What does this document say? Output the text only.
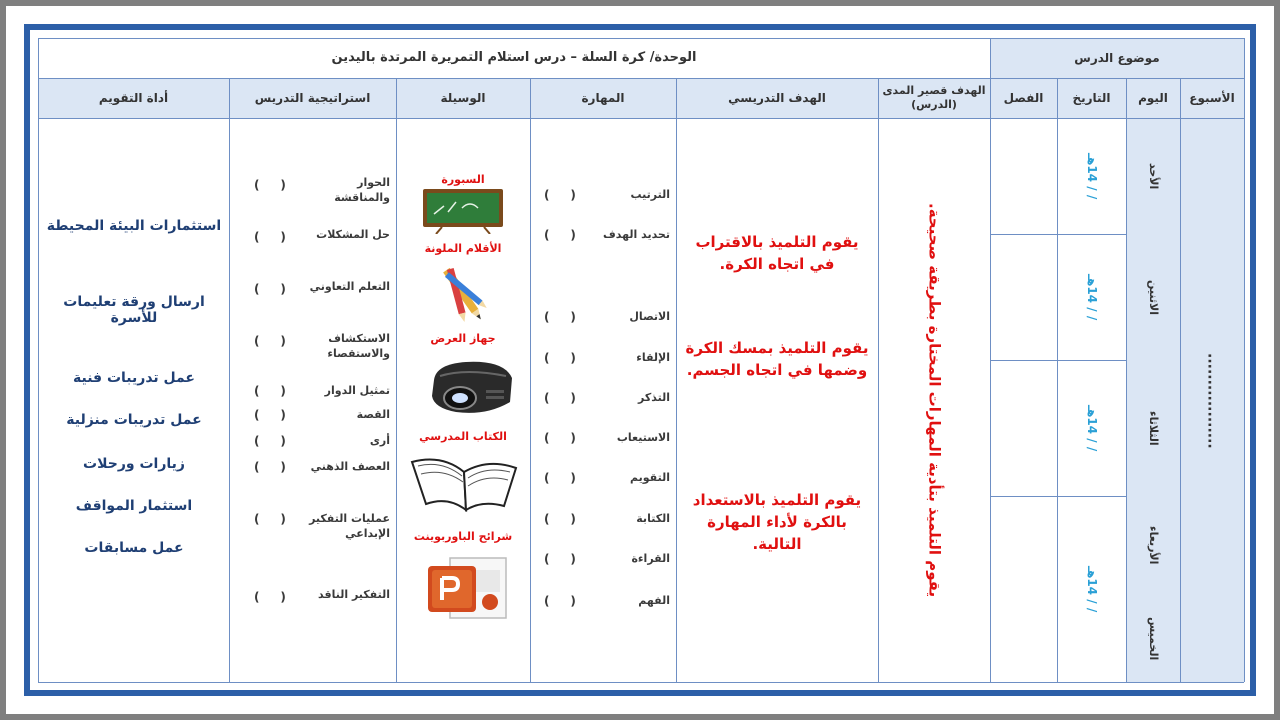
الوحدة/ كرة السلة – درس استلام التمريرة المرتدة باليدين	موضوع الدرس
الأسبوع
اليوم
التاريخ
الفصل
الهدف قصير المدى (الدرس)
الهدف التدريسي
المهارة
الوسيلة
استراتيجية التدريس
أداة التقويم
..................
الأحد
الاثنين
الثلاثاء
الأربعاء
الخميس
/ / 14هـ
/ / 14هـ
/ / 14هـ
/ / 14هـ
يقوم التلميذ بتأدية المهارات المختارة بطريقة صحيحة.
يقوم التلميذ بالاقتراب في اتجاه الكرة.
يقوم التلميذ بمسك الكرة وضمها في اتجاه الجسم.
يقوم التلميذ بالاستعداد بالكرة لأداء المهارة التالية.
الترتيب
(     )
تحديد الهدف
(     )
الاتصال
(     )
الإلقاء
(     )
التذكر
(     )
الاستيعاب
(     )
التقويم
(     )
الكتابة
(     )
القراءة
(     )
الفهم
(     )
السبورة
الأقلام الملونة
جهاز العرض
الكتاب المدرسي
شرائح الباوربوينت
الحوار والمناقشة
(     )
حل المشكلات
(     )
التعلم التعاوني
(     )
الاستكشاف والاستقصاء
(     )
تمثيل الدوار
(     )
القصة
(     )
أرى
(     )
العصف الذهني
(     )
عمليات التفكير الإبداعي
(     )
التفكير الناقد
(     )
استثمارات البيئة المحيطة
ارسال ورقة تعليمات للأسرة
عمل تدريبات فنية
عمل تدريبات منزلية
زيارات ورحلات
استثمار المواقف
عمل مسابقات
